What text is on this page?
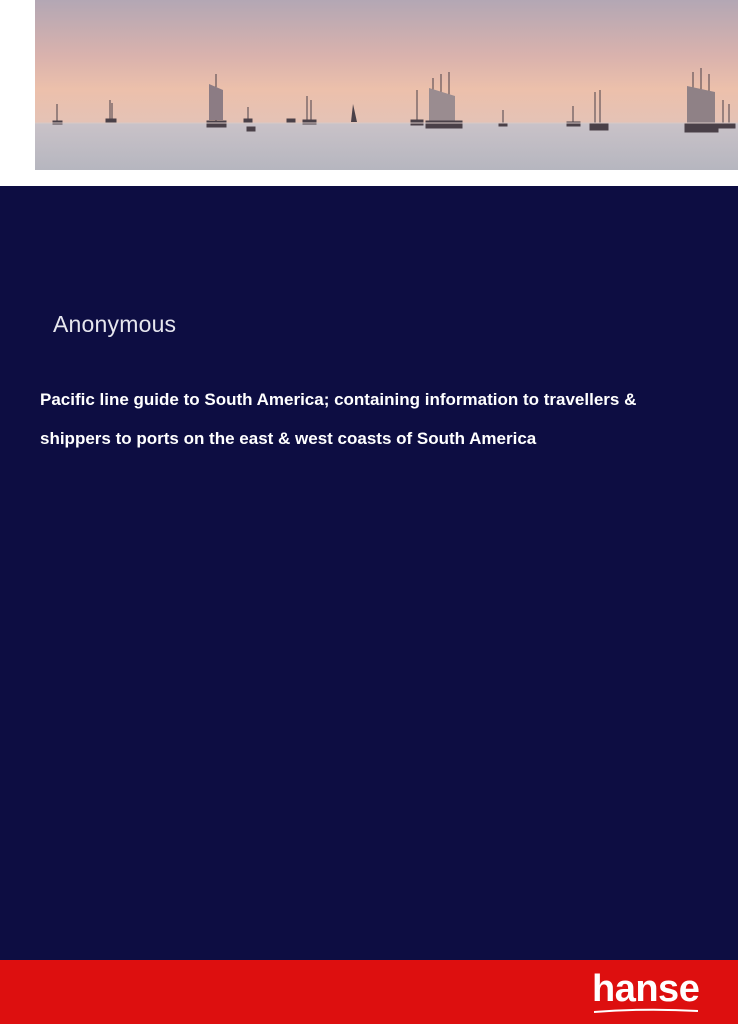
Anonymous
Pacific line guide to South America; containing information to travellers & shippers to ports on the east & west coasts of South America
hanse
